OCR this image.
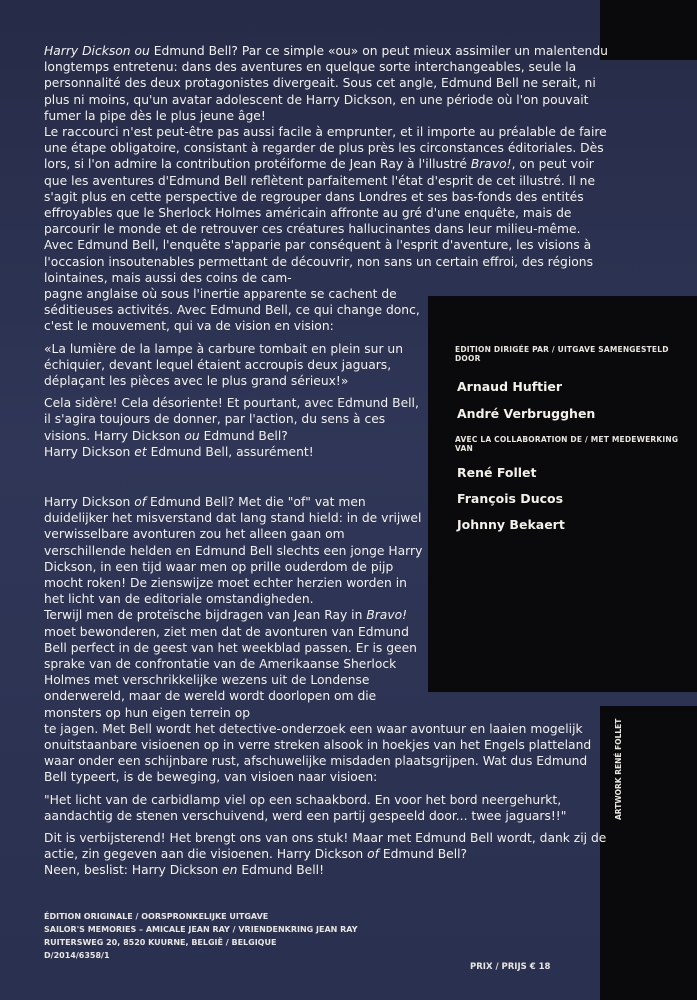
Harry Dickson ou Edmund Bell? Par ce simple «ou» on peut mieux assimiler un malentendu longtemps entretenu: dans des aventures en quelque sorte interchangeables, seule la personnalité des deux protagonistes divergeait. Sous cet angle, Edmund Bell ne serait, ni plus ni moins, qu'un avatar adolescent de Harry Dickson, en une période où l'on pouvait fumer la pipe dès le plus jeune âge!

Le raccourci n'est peut-être pas aussi facile à emprunter, et il importe au préalable de faire une étape obligatoire, consistant à regarder de plus près les circonstances éditoriales. Dès lors, si l'on admire la contribution protéiforme de Jean Ray à l'illustré Bravo!, on peut voir que les aventures d'Edmund Bell reflètent parfaitement l'état d'esprit de cet illustré. Il ne s'agit plus en cette perspective de regrouper dans Londres et ses bas-fonds des entités effroyables que le Sherlock Holmes américain affronte au gré d'une enquête, mais de parcourir le monde et de retrouver ces créatures hallucinantes dans leur milieu-même.

Avec Edmund Bell, l'enquête s'apparie par conséquent à l'esprit d'aventure, les visions à l'occasion insoutenables permettant de découvrir, non sans un certain effroi, des régions lointaines, mais aussi des coins de cam-

pagne anglaise où sous l'inertie apparente se cachent de séditieuses activités. Avec Edmund Bell, ce qui change donc, c'est le mouvement, qui va de vision en vision:

«La lumière de la lampe à carbure tombait en plein sur un échiquier, devant lequel étaient accroupis deux jaguars, déplaçant les pièces avec le plus grand sérieux!»

Cela sidère! Cela désoriente! Et pourtant, avec Edmund Bell, il s'agira toujours de donner, par l'action, du sens à ces visions. Harry Dickson ou Edmund Bell?

Harry Dickson et Edmund Bell, assurément!

EDITION DIRIGÉE PAR / UITGAVE SAMENGESTELD DOOR
Arnaud Huftier
André Verbrugghen
AVEC LA COLLABORATION DE / MET MEDEWERKING VAN
René Follet
François Ducos
Johnny Bekaert

Harry Dickson of Edmund Bell? Met die "of" vat men duidelijker het misverstand dat lang stand hield: in de vrijwel verwisselbare avonturen zou het alleen gaan om verschillende helden en Edmund Bell slechts een jonge Harry Dickson, in een tijd waar men op prille ouderdom de pijp mocht roken! De zienswijze moet echter herzien worden in het licht van de editoriale omstandigheden.

Terwijl men de proteïsche bijdragen van Jean Ray in Bravo! moet bewonderen, ziet men dat de avonturen van Edmund Bell perfect in de geest van het weekblad passen. Er is geen sprake van de confrontatie van de Amerikaanse Sherlock Holmes met verschrikkelijke wezens uit de Londense onderwereld, maar de wereld wordt doorlopen om die monsters op hun eigen terrein op

te jagen. Met Bell wordt het detective-onderzoek een waar avontuur en laaien mogelijk onuitstaanbare visioenen op in verre streken alsook in hoekjes van het Engels platteland waar onder een schijnbare rust, afschuwelijke misdaden plaatsgrijpen. Wat dus Edmund Bell typeert, is de beweging, van visioen naar visioen:

"Het licht van de carbidlamp viel op een schaakbord. En voor het bord neergehurkt, aandachtig de stenen verschuivend, werd een partij gespeeld door... twee jaguars!!"

Dit is verbijsterend! Het brengt ons van ons stuk! Maar met Edmund Bell wordt, dank zij de actie, zin gegeven aan die visioenen. Harry Dickson of Edmund Bell?
Neen, beslist: Harry Dickson en Edmund Bell!

ARTWORK RENÉ FOLLET
ÉDITION ORIGINALE / OORSPRONKELIJKE UITGAVE
SAILOR'S MEMORIES – AMICALE JEAN RAY / VRIENDENKRING JEAN RAY
RUITERSWEG 20, 8520 KUURNE, BELGIË / BELGIQUE
D/2014/6358/1
PRIX / PRIJS € 18
